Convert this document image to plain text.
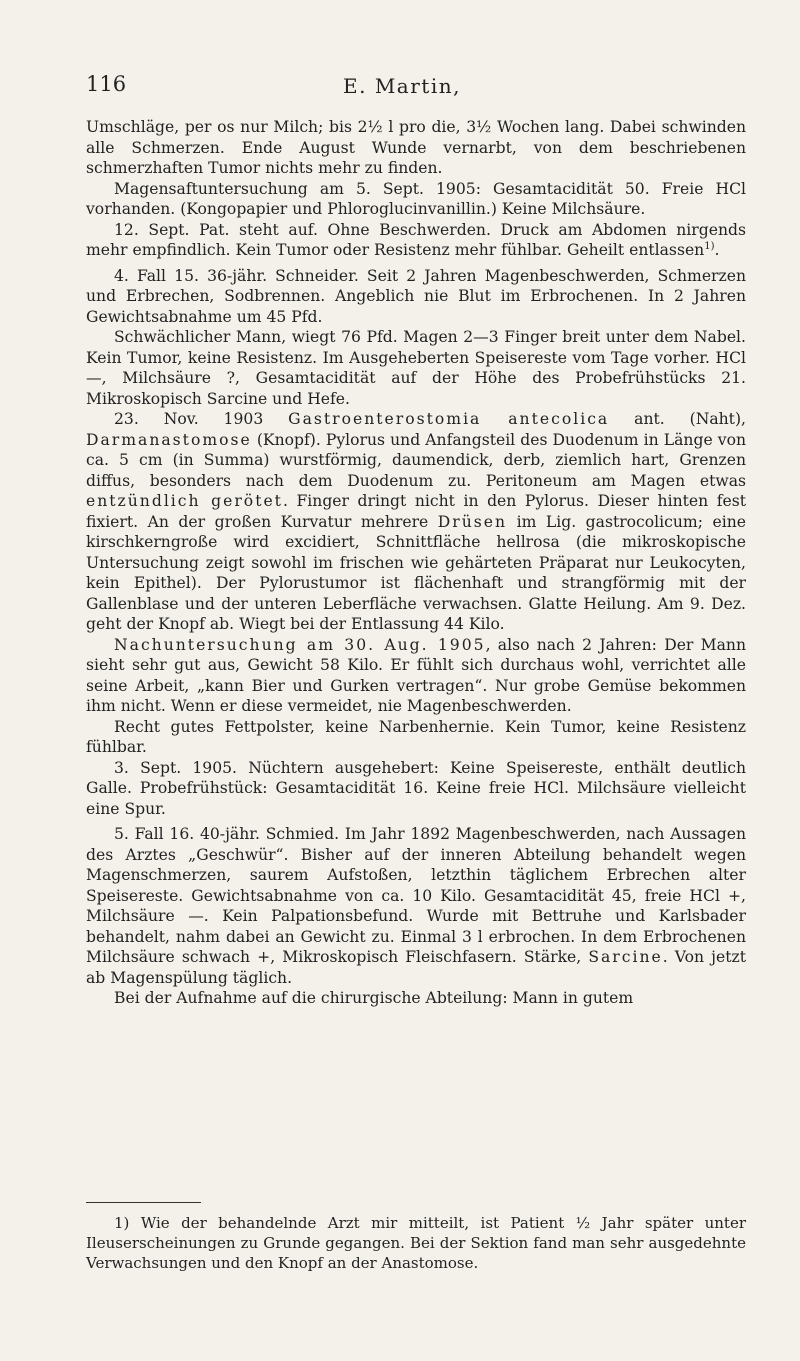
116	E. Martin,

Umschläge, per os nur Milch; bis 2½ l pro die, 3½ Wochen lang. Dabei schwinden alle Schmerzen. Ende August Wunde vernarbt, von dem beschriebenen schmerzhaften Tumor nichts mehr zu finden.

Magensaftuntersuchung am 5. Sept. 1905: Gesamtacidität 50. Freie HCl vorhanden. (Kongopapier und Phloroglucinvanillin.) Keine Milchsäure.

12. Sept. Pat. steht auf. Ohne Beschwerden. Druck am Abdomen nirgends mehr empfindlich. Kein Tumor oder Resistenz mehr fühlbar. Geheilt entlassen$^{1)}$.

4. Fall 15. 36-jähr. Schneider. Seit 2 Jahren Magenbeschwerden, Schmerzen und Erbrechen, Sodbrennen. Angeblich nie Blut im Erbrochenen. In 2 Jahren Gewichtsabnahme um 45 Pfd.

Schwächlicher Mann, wiegt 76 Pfd. Magen 2—3 Finger breit unter dem Nabel. Kein Tumor, keine Resistenz. Im Ausgeheberten Speisereste vom Tage vorher. HCl —, Milchsäure ?, Gesamtacidität auf der Höhe des Probefrühstücks 21. Mikroskopisch Sarcine und Hefe.

23. Nov. 1903 Gastroenterostomia antecolica ant. (Naht), Darmanastomose (Knopf). Pylorus und Anfangsteil des Duodenum in Länge von ca. 5 cm (in Summa) wurstförmig, daumendick, derb, ziemlich hart, Grenzen diffus, besonders nach dem Duodenum zu. Peritoneum am Magen etwas entzündlich gerötet. Finger dringt nicht in den Pylorus. Dieser hinten fest fixiert. An der großen Kurvatur mehrere Drüsen im Lig. gastrocolicum; eine kirschkerngroße wird excidiert, Schnittfläche hellrosa (die mikroskopische Untersuchung zeigt sowohl im frischen wie gehärteten Präparat nur Leukocyten, kein Epithel). Der Pylorustumor ist flächenhaft und strangförmig mit der Gallenblase und der unteren Leberfläche verwachsen. Glatte Heilung. Am 9. Dez. geht der Knopf ab. Wiegt bei der Entlassung 44 Kilo.

Nachuntersuchung am 30. Aug. 1905, also nach 2 Jahren: Der Mann sieht sehr gut aus, Gewicht 58 Kilo. Er fühlt sich durchaus wohl, verrichtet alle seine Arbeit, „kann Bier und Gurken vertragen“. Nur grobe Gemüse bekommen ihm nicht. Wenn er diese vermeidet, nie Magenbeschwerden.

Recht gutes Fettpolster, keine Narbenhernie. Kein Tumor, keine Resistenz fühlbar.

3. Sept. 1905. Nüchtern ausgehebert: Keine Speisereste, enthält deutlich Galle. Probefrühstück: Gesamtacidität 16. Keine freie HCl. Milchsäure vielleicht eine Spur.

5. Fall 16. 40-jähr. Schmied. Im Jahr 1892 Magenbeschwerden, nach Aussagen des Arztes „Geschwür“. Bisher auf der inneren Abteilung behandelt wegen Magenschmerzen, saurem Aufstoßen, letzthin täglichem Erbrechen alter Speisereste. Gewichtsabnahme von ca. 10 Kilo. Gesamtacidität 45, freie HCl +, Milchsäure —. Kein Palpationsbefund. Wurde mit Bettruhe und Karlsbader behandelt, nahm dabei an Gewicht zu. Einmal 3 l erbrochen. In dem Erbrochenen Milchsäure schwach +, Mikroskopisch Fleischfasern. Stärke, Sarcine. Von jetzt ab Magenspülung täglich.

Bei der Aufnahme auf die chirurgische Abteilung: Mann in gutem

1) Wie der behandelnde Arzt mir mitteilt, ist Patient ½ Jahr später unter Ileuserscheinungen zu Grunde gegangen. Bei der Sektion fand man sehr ausgedehnte Verwachsungen und den Knopf an der Anastomose.
